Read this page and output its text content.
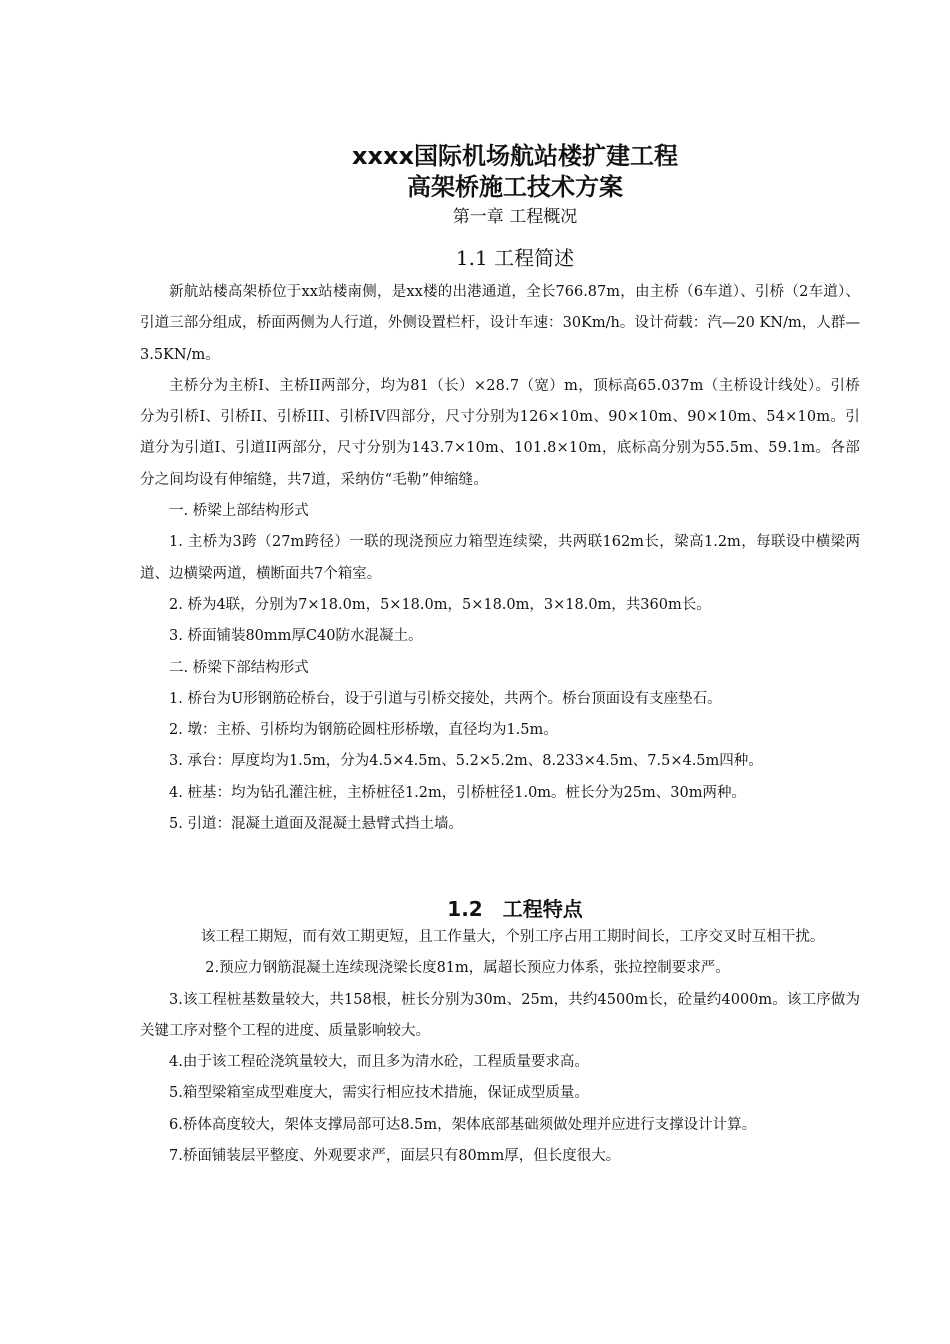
xxxx国际机场航站楼扩建工程
高架桥施工技术方案
第一章 工程概况
1.1 工程简述

新航站楼高架桥位于xx站楼南侧，是xx楼的出港通道，全长766.87m，由主桥（6车道）、引桥（2车道）、引道三部分组成，桥面两侧为人行道，外侧设置栏杆，设计车速：30Km/h。设计荷载：汽—20 KN/m，人群—3.5KN/m。

主桥分为主桥I、主桥II两部分，均为81（长）×28.7（宽）m，顶标高65.037m（主桥设计线处）。引桥分为引桥I、引桥II、引桥III、引桥IV四部分，尺寸分别为126×10m、90×10m、90×10m、54×10m。引道分为引道I、引道II两部分，尺寸分别为143.7×10m、101.8×10m，底标高分别为55.5m、59.1m。各部分之间均设有伸缩缝，共7道，采纳仿“毛勒”伸缩缝。

一. 桥梁上部结构形式

1. 主桥为3跨（27m跨径）一联的现浇预应力箱型连续梁，共两联162m长，梁高1.2m，每联设中横梁两道、边横梁两道，横断面共7个箱室。

2. 桥为4联，分别为7×18.0m，5×18.0m，5×18.0m，3×18.0m，共360m长。

3. 桥面铺装80mm厚C40防水混凝土。

二. 桥梁下部结构形式

1. 桥台为U形钢筋砼桥台，设于引道与引桥交接处，共两个。桥台顶面设有支座垫石。

2. 墩：主桥、引桥均为钢筋砼圆柱形桥墩，直径均为1.5m。

3. 承台：厚度均为1.5m，分为4.5×4.5m、5.2×5.2m、8.233×4.5m、7.5×4.5m四种。

4. 桩基：均为钻孔灌注桩，主桥桩径1.2m，引桥桩径1.0m。桩长分为25m、30m两种。

5. 引道：混凝土道面及混凝土悬臂式挡土墙。

1.2　工程特点

该工程工期短，而有效工期更短，且工作量大，个别工序占用工期时间长，工序交叉时互相干扰。

2.预应力钢筋混凝土连续现浇梁长度81m，属超长预应力体系，张拉控制要求严。

3.该工程桩基数量较大，共158根，桩长分别为30m、25m，共约4500m长，砼量约4000m。该工序做为关键工序对整个工程的进度、质量影响较大。

4.由于该工程砼浇筑量较大，而且多为清水砼，工程质量要求高。

5.箱型梁箱室成型难度大，需实行相应技术措施，保证成型质量。

6.桥体高度较大，架体支撑局部可达8.5m，架体底部基础须做处理并应进行支撑设计计算。

7.桥面铺装层平整度、外观要求严，面层只有80mm厚，但长度很大。
